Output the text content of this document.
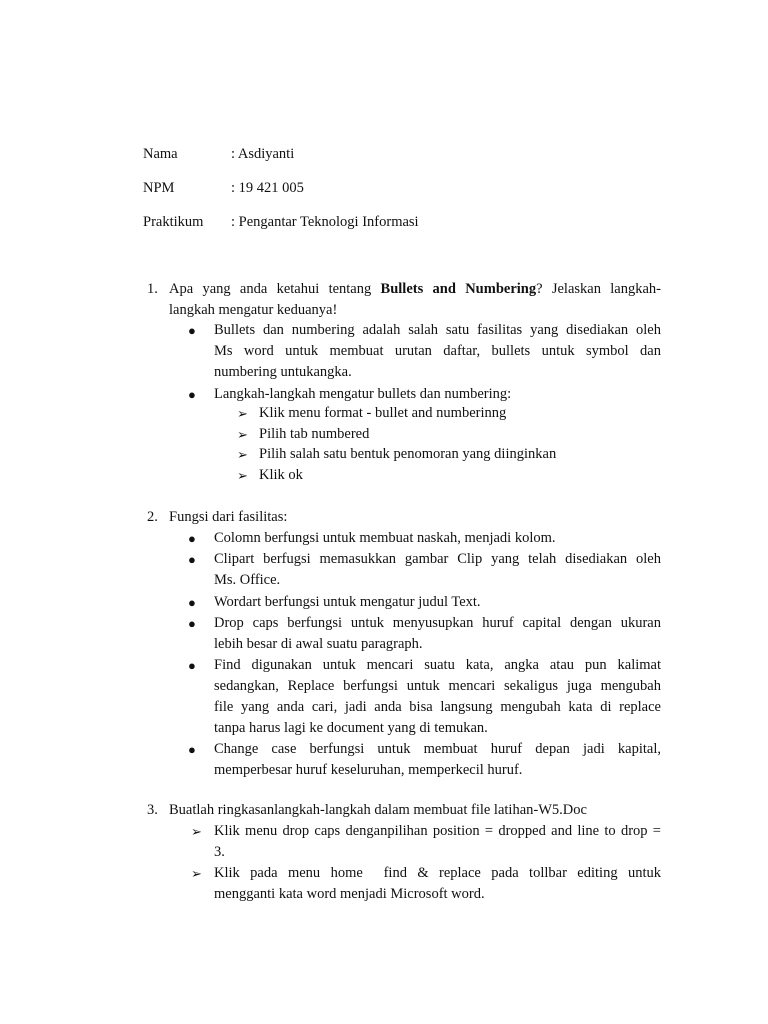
Nama	: Asdiyanti
NPM	: 19 421 005
Praktikum : Pengantar Teknologi Informasi
1. Apa yang anda ketahui tentang Bullets and Numbering? Jelaskan langkah-
langkah mengatur keduanya!
● Bullets dan numbering adalah salah satu fasilitas yang disediakan oleh
Ms word untuk membuat urutan daftar, bullets untuk symbol dan
numbering untukangka.
● Langkah-langkah mengatur bullets dan numbering:
➢ Klik menu format - bullet and numberinng
➢ Pilih tab numbered
➢ Pilih salah satu bentuk penomoran yang diinginkan
➢ Klik ok
2. Fungsi dari fasilitas:
● Colomn berfungsi untuk membuat naskah, menjadi kolom.
● Clipart berfugsi memasukkan gambar Clip yang telah disediakan oleh
Ms. Office.
● Wordart berfungsi untuk mengatur judul Text.
● Drop caps berfungsi untuk menyusupkan huruf capital dengan ukuran
lebih besar di awal suatu paragraph.
● Find digunakan untuk mencari suatu kata, angka atau pun kalimat
sedangkan, Replace berfungsi untuk mencari sekaligus juga mengubah
file yang anda cari, jadi anda bisa langsung mengubah kata di replace
tanpa harus lagi ke document yang di temukan.
● Change case berfungsi untuk membuat huruf depan jadi kapital,
memperbesar huruf keseluruhan, memperkecil huruf.
3. Buatlah ringkasanlangkah-langkah dalam membuat file latihan-W5.Doc
➢ Klik menu drop caps denganpilihan position = dropped and line to drop =
3.
➢ Klik pada menu home  find & replace pada tollbar editing untuk
mengganti kata word menjadi Microsoft word.
